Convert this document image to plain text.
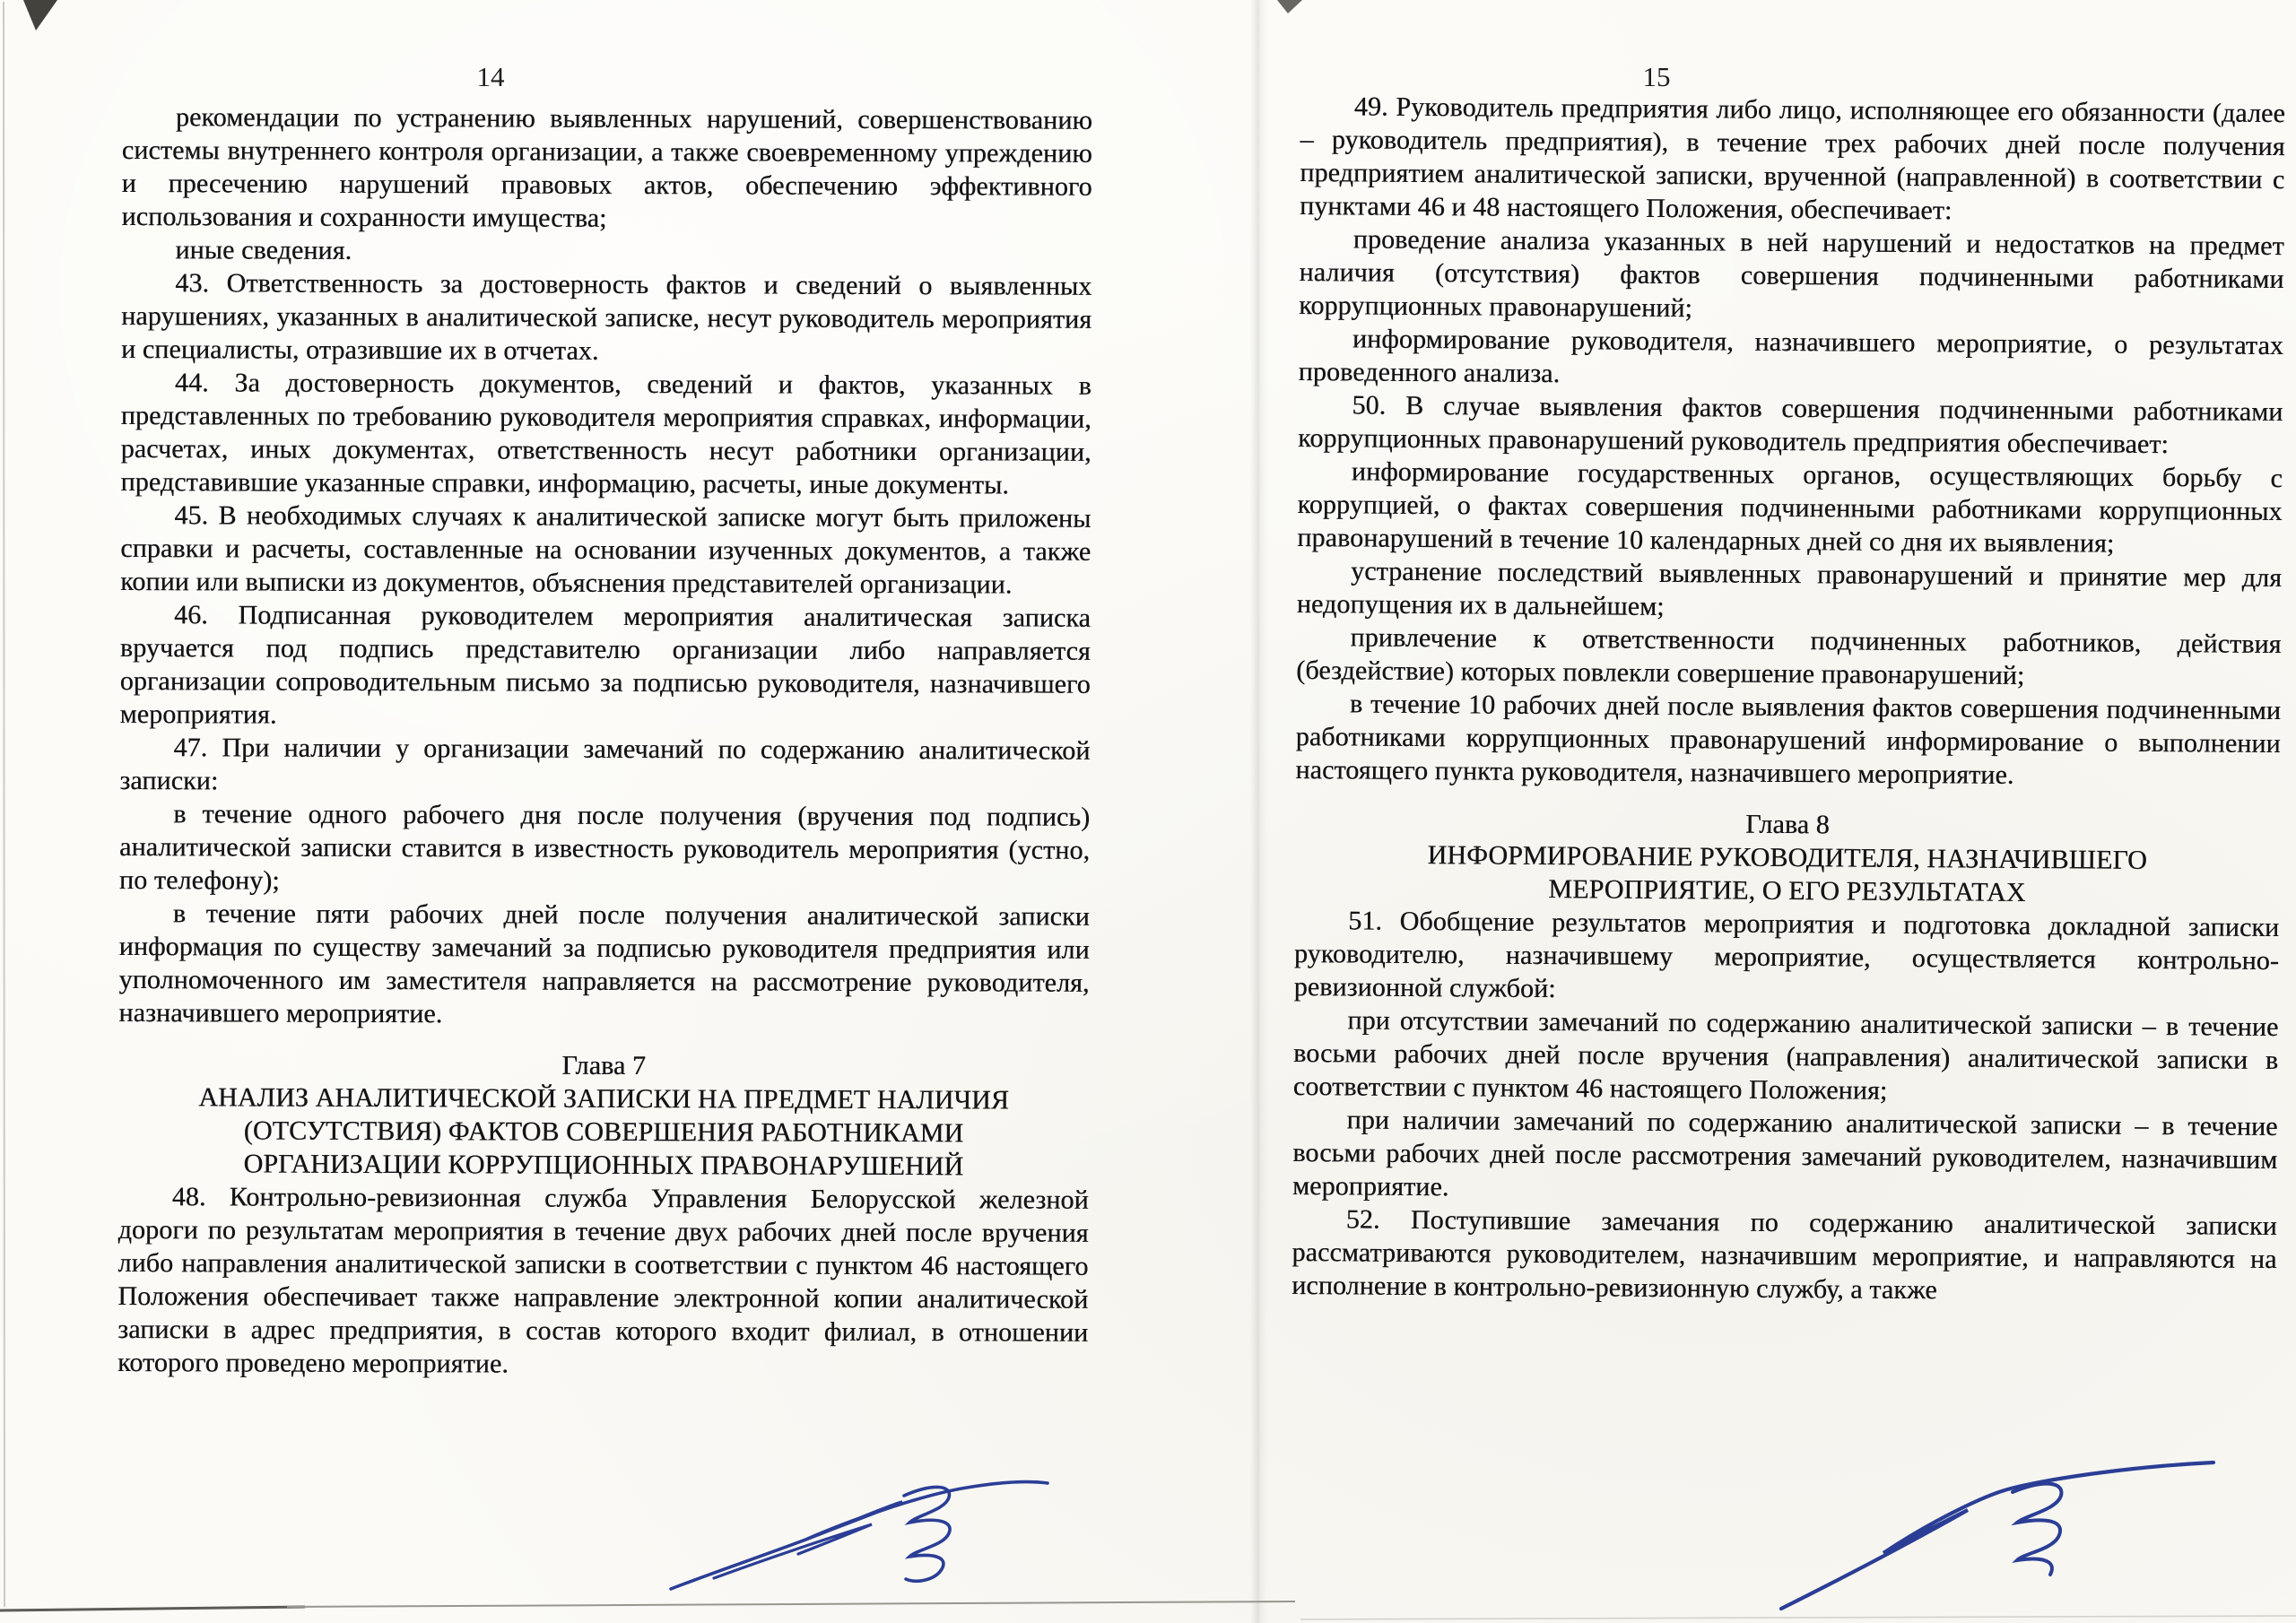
14
рекомендации по устранению выявленных нарушений, совершенствованию системы внутреннего контроля организации, а также своевременному упреждению и пресечению нарушений правовых актов, обеспечению эффективного использования и сохранности имущества;
иные сведения.
43. Ответственность за достоверность фактов и сведений о выявленных нарушениях, указанных в аналитической записке, несут руководитель мероприятия и специалисты, отразившие их в отчетах.
44. За достоверность документов, сведений и фактов, указанных в представленных по требованию руководителя мероприятия справках, информации, расчетах, иных документах, ответственность несут работники организации, представившие указанные справки, информацию, расчеты, иные документы.
45. В необходимых случаях к аналитической записке могут быть приложены справки и расчеты, составленные на основании изученных документов, а также копии или выписки из документов, объяснения представителей организации.
46. Подписанная руководителем мероприятия аналитическая записка вручается под подпись представителю организации либо направляется организации сопроводительным письмо за подписью руководителя, назначившего мероприятия.
47. При наличии у организации замечаний по содержанию аналитической записки:
в течение одного рабочего дня после получения (вручения под подпись) аналитической записки ставится в известность руководитель мероприятия (устно, по телефону);
в течение пяти рабочих дней после получения аналитической записки информация по существу замечаний за подписью руководителя предприятия или уполномоченного им заместителя направляется на рассмотрение руководителя, назначившего мероприятие.
Глава 7
АНАЛИЗ АНАЛИТИЧЕСКОЙ ЗАПИСКИ НА ПРЕДМЕТ НАЛИЧИЯ
(ОТСУТСТВИЯ) ФАКТОВ СОВЕРШЕНИЯ РАБОТНИКАМИ
ОРГАНИЗАЦИИ КОРРУПЦИОННЫХ ПРАВОНАРУШЕНИЙ
48. Контрольно-ревизионная служба Управления Белорусской железной дороги по результатам мероприятия в течение двух рабочих дней после вручения либо направления аналитической записки в соответствии с пунктом 46 настоящего Положения обеспечивает также направление электронной копии аналитической записки в адрес предприятия, в состав которого входит филиал, в отношении которого проведено мероприятие.
15
49. Руководитель предприятия либо лицо, исполняющее его обязанности (далее – руководитель предприятия), в течение трех рабочих дней после получения предприятием аналитической записки, врученной (направленной) в соответствии с пунктами 46 и 48 настоящего Положения, обеспечивает:
проведение анализа указанных в ней нарушений и недостатков на предмет наличия (отсутствия) фактов совершения подчиненными работниками коррупционных правонарушений;
информирование руководителя, назначившего мероприятие, о результатах проведенного анализа.
50. В случае выявления фактов совершения подчиненными работниками коррупционных правонарушений руководитель предприятия обеспечивает:
информирование государственных органов, осуществляющих борьбу с коррупцией, о фактах совершения подчиненными работниками коррупционных правонарушений в течение 10 календарных дней со дня их выявления;
устранение последствий выявленных правонарушений и принятие мер для недопущения их в дальнейшем;
привлечение к ответственности подчиненных работников, действия (бездействие) которых повлекли совершение правонарушений;
в течение 10 рабочих дней после выявления фактов совершения подчиненными работниками коррупционных правонарушений информирование о выполнении настоящего пункта руководителя, назначившего мероприятие.
Глава 8
ИНФОРМИРОВАНИЕ РУКОВОДИТЕЛЯ, НАЗНАЧИВШЕГО
МЕРОПРИЯТИЕ, О ЕГО РЕЗУЛЬТАТАХ
51. Обобщение результатов мероприятия и подготовка докладной записки руководителю, назначившему мероприятие, осуществляется контрольно-ревизионной службой:
при отсутствии замечаний по содержанию аналитической записки – в течение восьми рабочих дней после вручения (направления) аналитической записки в соответствии с пунктом 46 настоящего Положения;
при наличии замечаний по содержанию аналитической записки – в течение восьми рабочих дней после рассмотрения замечаний руководителем, назначившим мероприятие.
52. Поступившие замечания по содержанию аналитической записки рассматриваются руководителем, назначившим мероприятие, и направляются на исполнение в контрольно-ревизионную службу, а также
